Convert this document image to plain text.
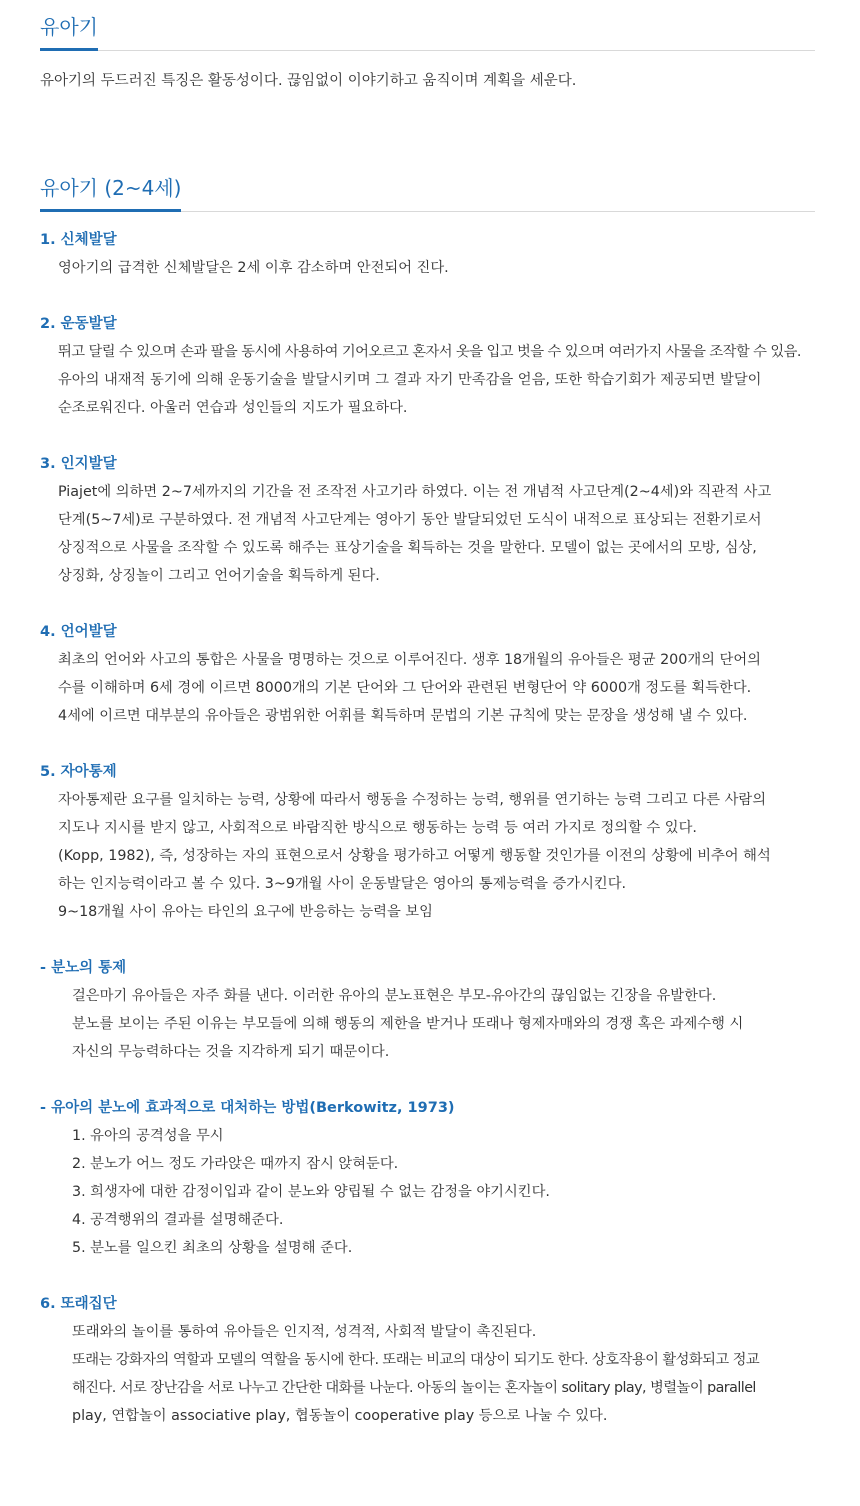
유아기
유아기의 두드러진 특징은 활동성이다. 끊임없이 이야기하고 움직이며 계획을 세운다.
유아기 (2~4세)
1. 신체발달
영아기의 급격한 신체발달은 2세 이후 감소하며 안전되어 진다.
2. 운동발달
뛰고 달릴 수 있으며 손과 팔을 동시에 사용하여 기어오르고 혼자서 옷을 입고 벗을 수 있으며 여러가지 사물을 조작할 수 있음.
유아의 내재적 동기에 의해 운동기술을 발달시키며 그 결과 자기 만족감을 얻음, 또한 학습기회가 제공되면 발달이
순조로워진다. 아울러 연습과 성인들의 지도가 필요하다.
3. 인지발달
Piajet에 의하면 2~7세까지의 기간을 전 조작전 사고기라 하였다. 이는 전 개념적 사고단계(2~4세)와 직관적 사고
단계(5~7세)로 구분하였다. 전 개념적 사고단계는 영아기 동안 발달되었던 도식이 내적으로 표상되는 전환기로서
상징적으로 사물을 조작할 수 있도록 해주는 표상기술을 획득하는 것을 말한다. 모델이 없는 곳에서의 모방, 심상,
상징화, 상징놀이 그리고 언어기술을 획득하게 된다.
4. 언어발달
최초의 언어와 사고의 통합은 사물을 명명하는 것으로 이루어진다. 생후 18개월의 유아들은 평균 200개의 단어의
수를 이해하며 6세 경에 이르면 8000개의 기본 단어와 그 단어와 관련된 변형단어 약 6000개 정도를 획득한다.
4세에 이르면 대부분의 유아들은 광범위한 어휘를 획득하며 문법의 기본 규칙에 맞는 문장을 생성해 낼 수 있다.
5. 자아통제
자아통제란 요구를 일치하는 능력, 상황에 따라서 행동을 수정하는 능력, 행위를 연기하는 능력 그리고 다른 사람의
지도나 지시를 받지 않고, 사회적으로 바람직한 방식으로 행동하는 능력 등 여러 가지로 정의할 수 있다.
(Kopp, 1982), 즉, 성장하는 자의 표현으로서 상황을 평가하고 어떻게 행동할 것인가를 이전의 상황에 비추어 해석
하는 인지능력이라고 볼 수 있다. 3~9개월 사이 운동발달은 영아의 통제능력을 증가시킨다.
9~18개월 사이 유아는 타인의 요구에 반응하는 능력을 보임
- 분노의 통제
걸은마기 유아들은 자주 화를 낸다. 이러한 유아의 분노표현은 부모-유아간의 끊임없는 긴장을 유발한다.
분노를 보이는 주된 이유는 부모들에 의해 행동의 제한을 받거나 또래나 형제자매와의 경쟁 혹은 과제수행 시
자신의 무능력하다는 것을 지각하게 되기 때문이다.
- 유아의 분노에 효과적으로 대처하는 방법(Berkowitz, 1973)
1. 유아의 공격성을 무시
2. 분노가 어느 정도 가라앉은 때까지 잠시 앉혀둔다.
3. 희생자에 대한 감정이입과 같이 분노와 양립될 수 없는 감정을 야기시킨다.
4. 공격행위의 결과를 설명해준다.
5. 분노를 일으킨 최초의 상황을 설명해 준다.
6. 또래집단
또래와의 놀이를 통하여 유아들은 인지적, 성격적, 사회적 발달이 촉진된다.
또래는 강화자의 역할과 모델의 역할을 동시에 한다. 또래는 비교의 대상이 되기도 한다. 상호작용이 활성화되고 정교
해진다. 서로 장난감을 서로 나누고 간단한 대화를 나눈다. 아동의 놀이는 혼자놀이 solitary play, 병렬놀이 parallel
play, 연합놀이 associative play, 협동놀이 cooperative play 등으로 나눌 수 있다.
